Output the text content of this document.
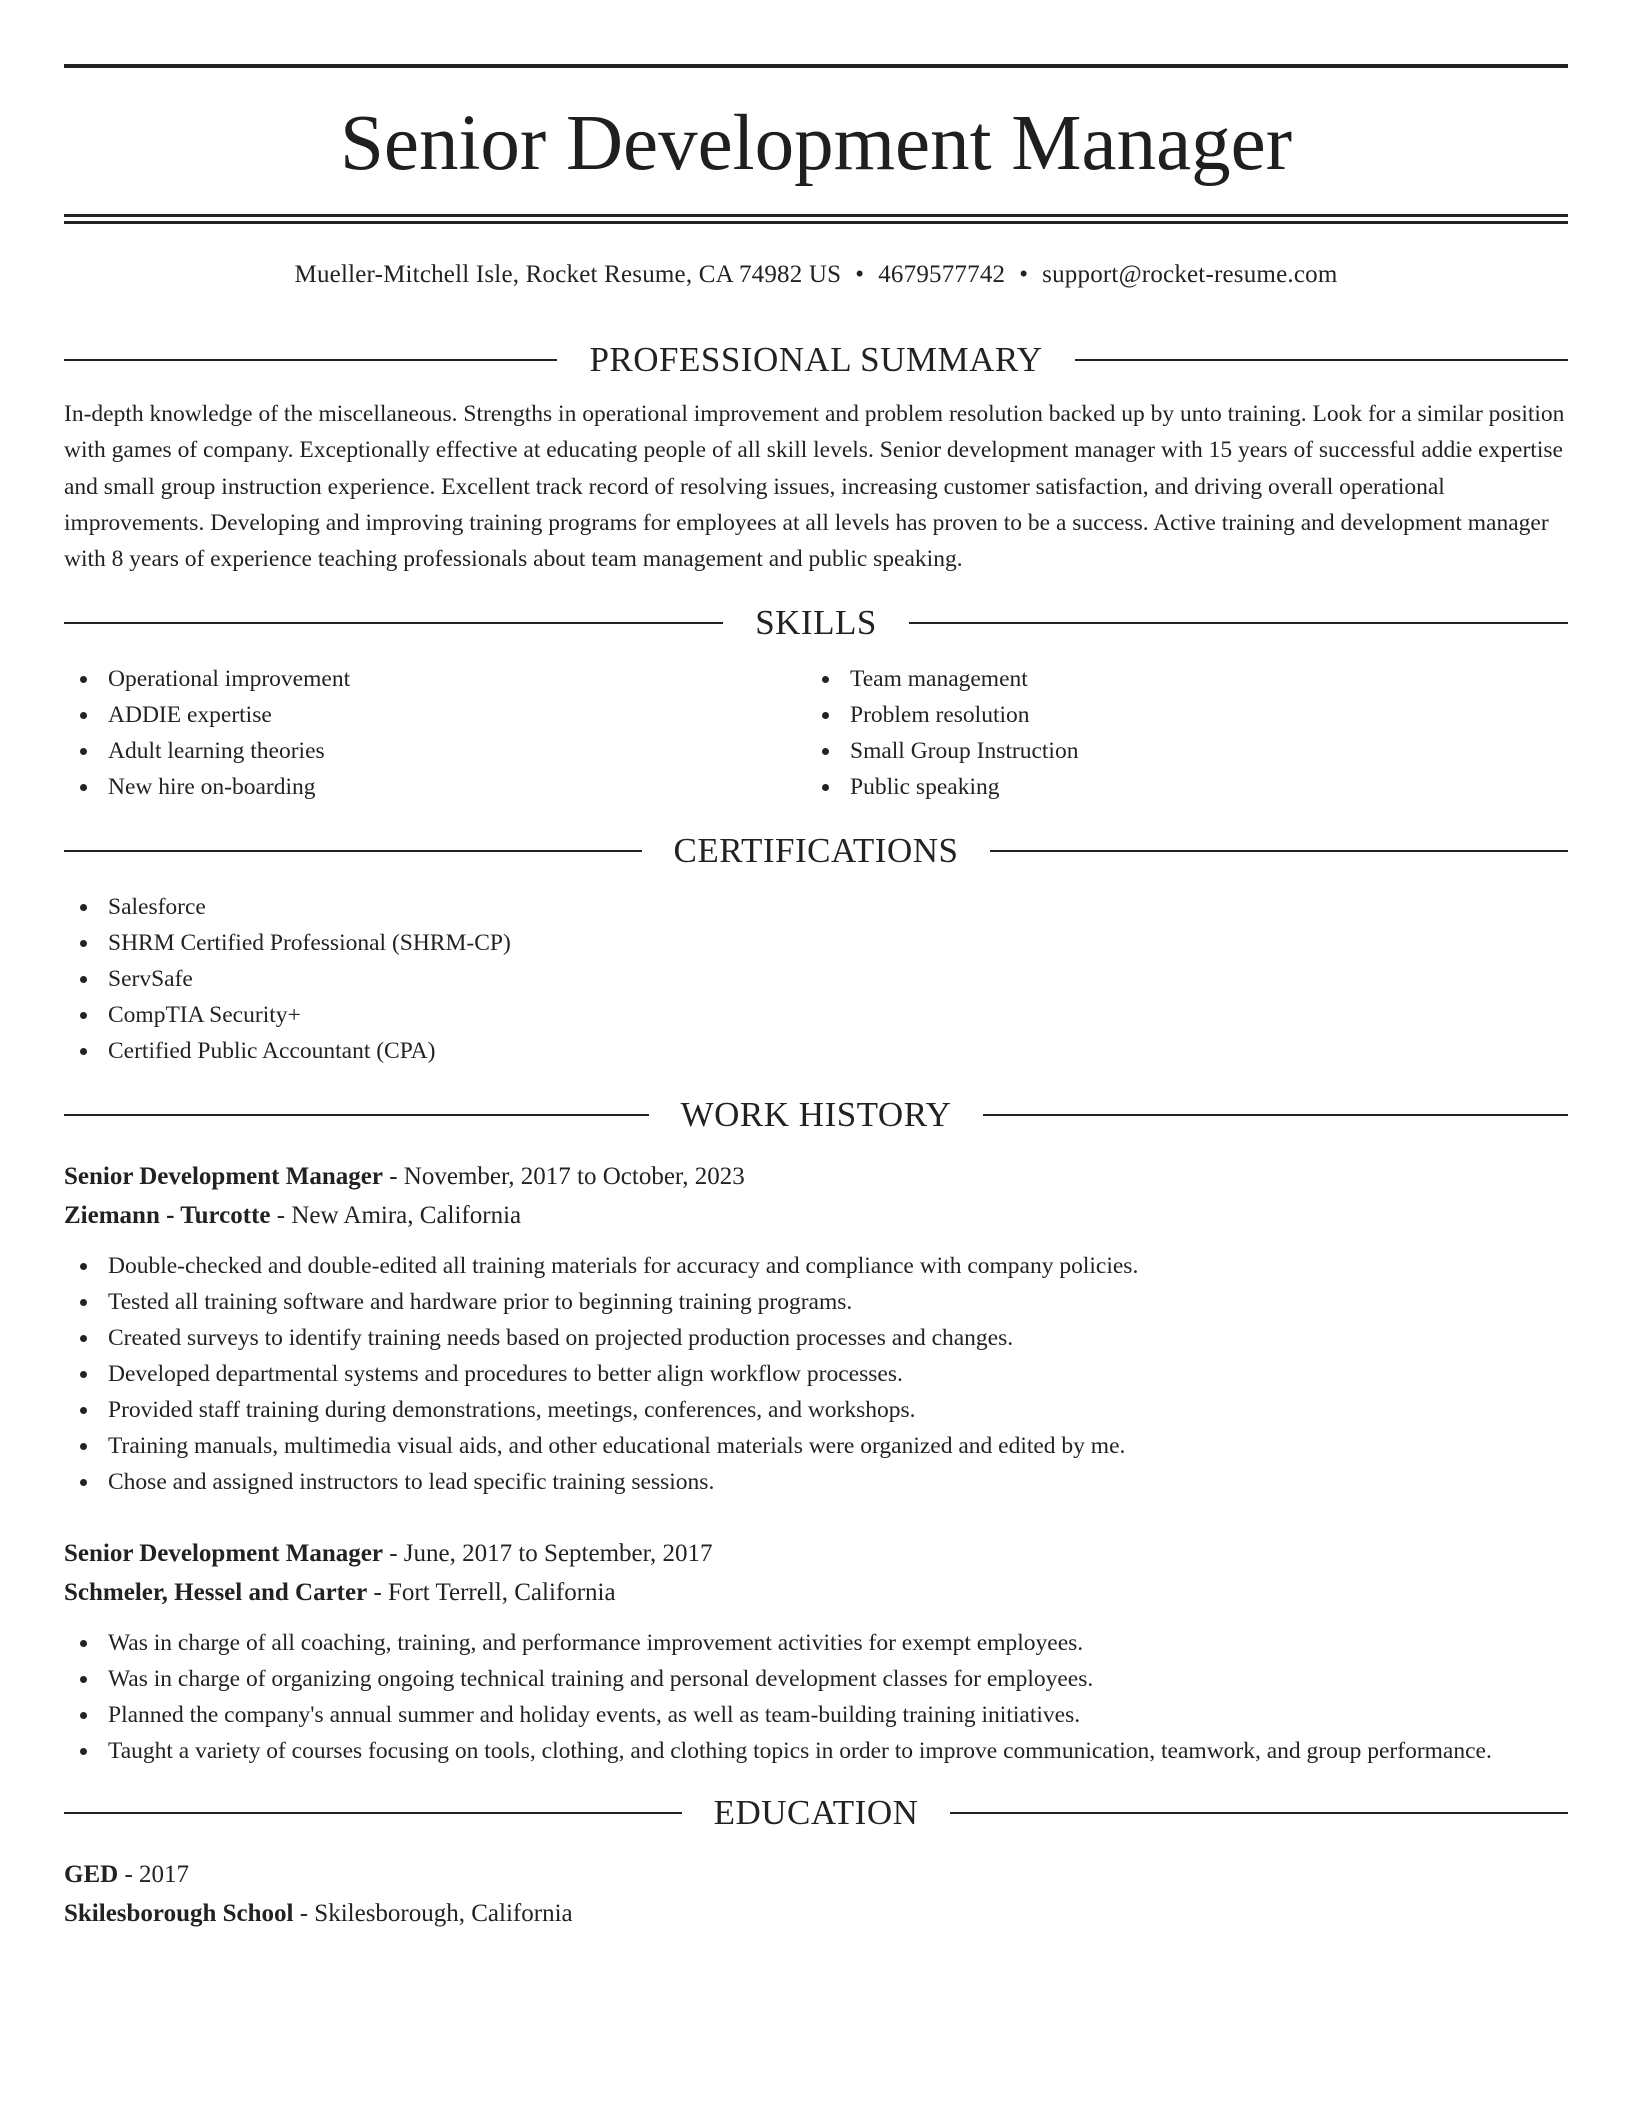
Senior Development Manager
Mueller-Mitchell Isle, Rocket Resume, CA 74982 US • 4679577742 • support@rocket-resume.com
PROFESSIONAL SUMMARY

In-depth knowledge of the miscellaneous. Strengths in operational improvement and problem resolution backed up by unto training. Look for a similar position with games of company. Exceptionally effective at educating people of all skill levels. Senior development manager with 15 years of successful addie expertise and small group instruction experience. Excellent track record of resolving issues, increasing customer satisfaction, and driving overall operational improvements. Developing and improving training programs for employees at all levels has proven to be a success. Active training and development manager with 8 years of experience teaching professionals about team management and public speaking.

SKILLS
Operational improvement
ADDIE expertise
Adult learning theories
New hire on-boarding
Team management
Problem resolution
Small Group Instruction
Public speaking
CERTIFICATIONS
Salesforce
SHRM Certified Professional (SHRM-CP)
ServSafe
CompTIA Security+
Certified Public Accountant (CPA)
WORK HISTORY
Senior Development Manager - November, 2017 to October, 2023
Ziemann - Turcotte - New Amira, California
Double-checked and double-edited all training materials for accuracy and compliance with company policies.
Tested all training software and hardware prior to beginning training programs.
Created surveys to identify training needs based on projected production processes and changes.
Developed departmental systems and procedures to better align workflow processes.
Provided staff training during demonstrations, meetings, conferences, and workshops.
Training manuals, multimedia visual aids, and other educational materials were organized and edited by me.
Chose and assigned instructors to lead specific training sessions.
Senior Development Manager - June, 2017 to September, 2017
Schmeler, Hessel and Carter - Fort Terrell, California
Was in charge of all coaching, training, and performance improvement activities for exempt employees.
Was in charge of organizing ongoing technical training and personal development classes for employees.
Planned the company's annual summer and holiday events, as well as team-building training initiatives.
Taught a variety of courses focusing on tools, clothing, and clothing topics in order to improve communication, teamwork, and group performance.
EDUCATION
GED - 2017
Skilesborough School - Skilesborough, California
